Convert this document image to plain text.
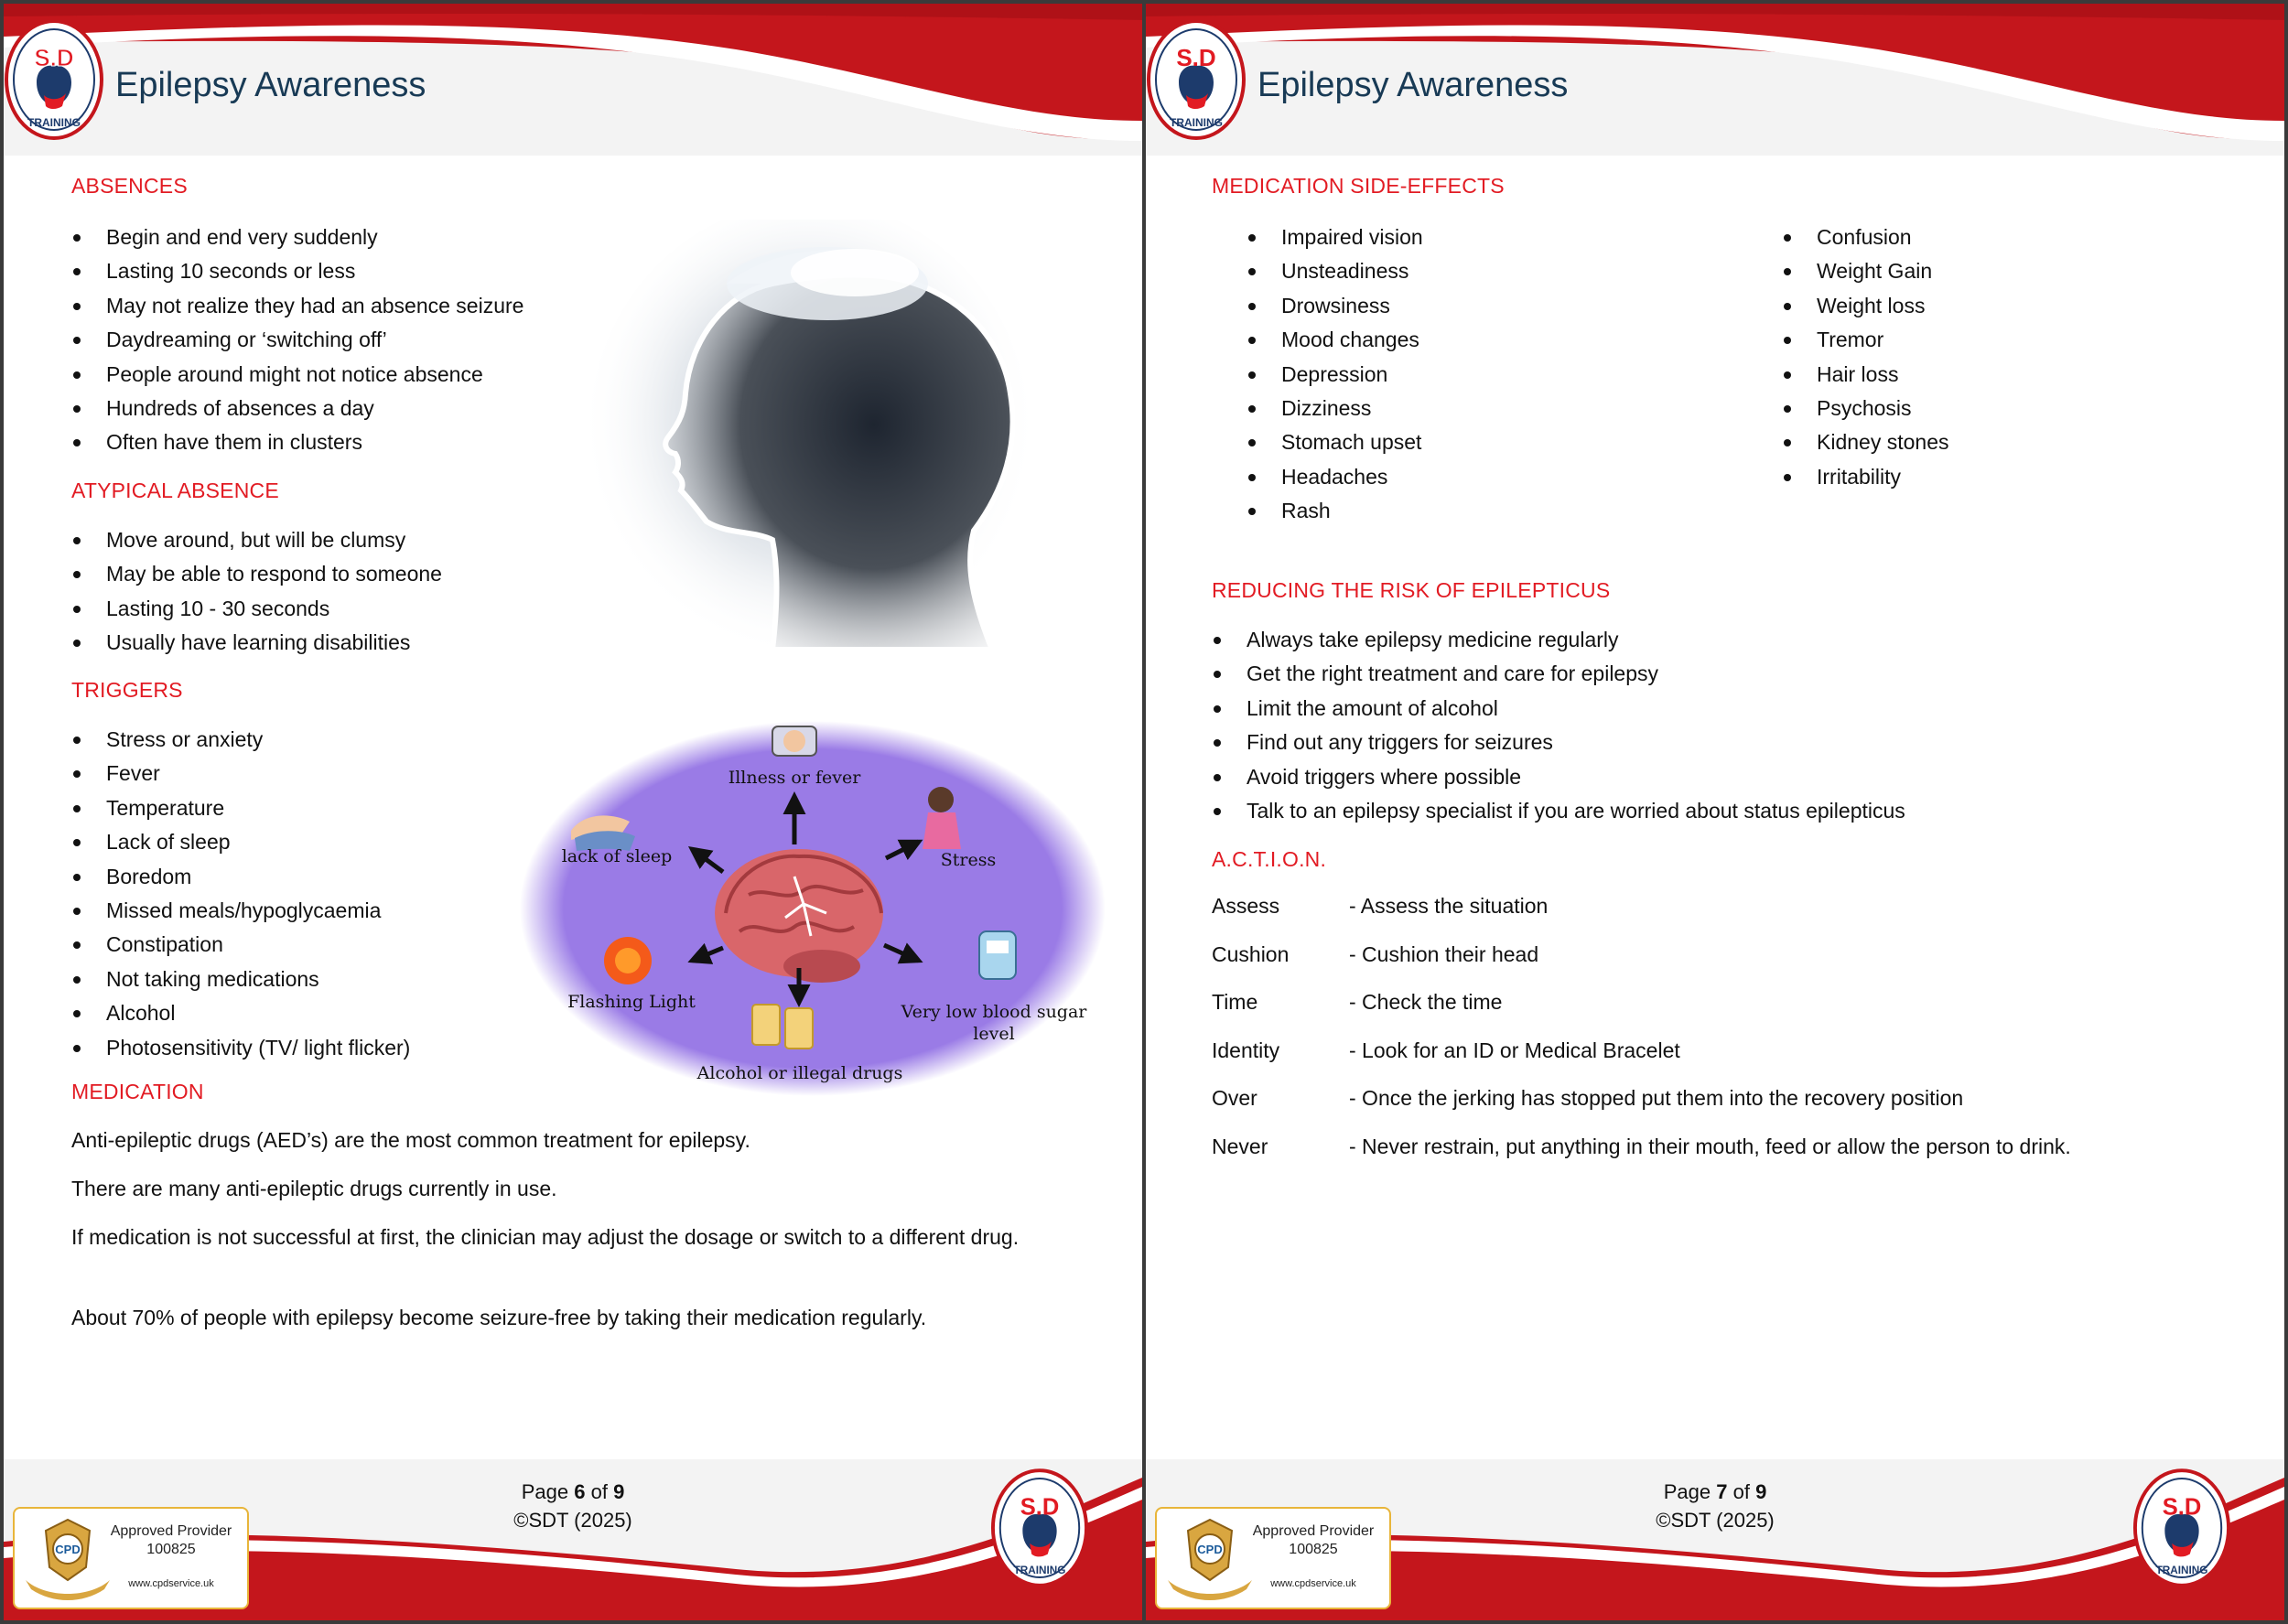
Epilepsy Awareness
S.D
TRAINING
ABSENCES
Begin and end very suddenly
Lasting 10 seconds or less
May not realize they had an absence seizure
Daydreaming or ‘switching off’
People around might not notice absence
Hundreds of absences a day
Often have them in clusters
ATYPICAL ABSENCE
Move around, but will be clumsy
May be able to respond to someone
Lasting 10 - 30 seconds
Usually have learning disabilities
TRIGGERS
Stress or anxiety
Fever
Temperature
Lack of sleep
Boredom
Missed meals/hypoglycaemia
Constipation
Not taking medications
Alcohol
Photosensitivity (TV/ light flicker)
Illness or fever
lack of sleep	Stress
Flashing Light	Very low blood sugar
level
Alcohol or illegal drugs
MEDICATION

Anti-epileptic drugs (AED’s) are the most common treatment for epilepsy.

There are many anti-epileptic drugs currently in use.

If medication is not successful at first, the clinician may adjust the dosage or switch to a different drug.

About 70% of people with epilepsy become seizure-free by taking their medication regularly.

Page 6 of 9
©SDT (2025)
CPD
Approved Provider
100825
www.cpdservice.uk
S.D
TRAINING
Epilepsy Awareness
S.D
TRAINING
MEDICATION SIDE-EFFECTS
Impaired vision
Unsteadiness
Drowsiness
Mood changes
Depression
Dizziness
Stomach upset
Headaches
Rash
Confusion
Weight Gain
Weight loss
Tremor
Hair loss
Psychosis
Kidney stones
Irritability
REDUCING THE RISK OF EPILEPTICUS
Always take epilepsy medicine regularly
Get the right treatment and care for epilepsy
Limit the amount of alcohol
Find out any triggers for seizures
Avoid triggers where possible
Talk to an epilepsy specialist if you are worried about status epilepticus
A.C.T.I.O.N.
Assess	- Assess the situation
Cushion	- Cushion their head
Time	- Check the time
Identity	- Look for an ID or Medical Bracelet
Over	- Once the jerking has stopped put them into the recovery position
Never	- Never restrain, put anything in their mouth, feed or allow the person to drink.
Page 7 of 9
©SDT (2025)
CPD
Approved Provider
100825
www.cpdservice.uk
S.D
TRAINING
